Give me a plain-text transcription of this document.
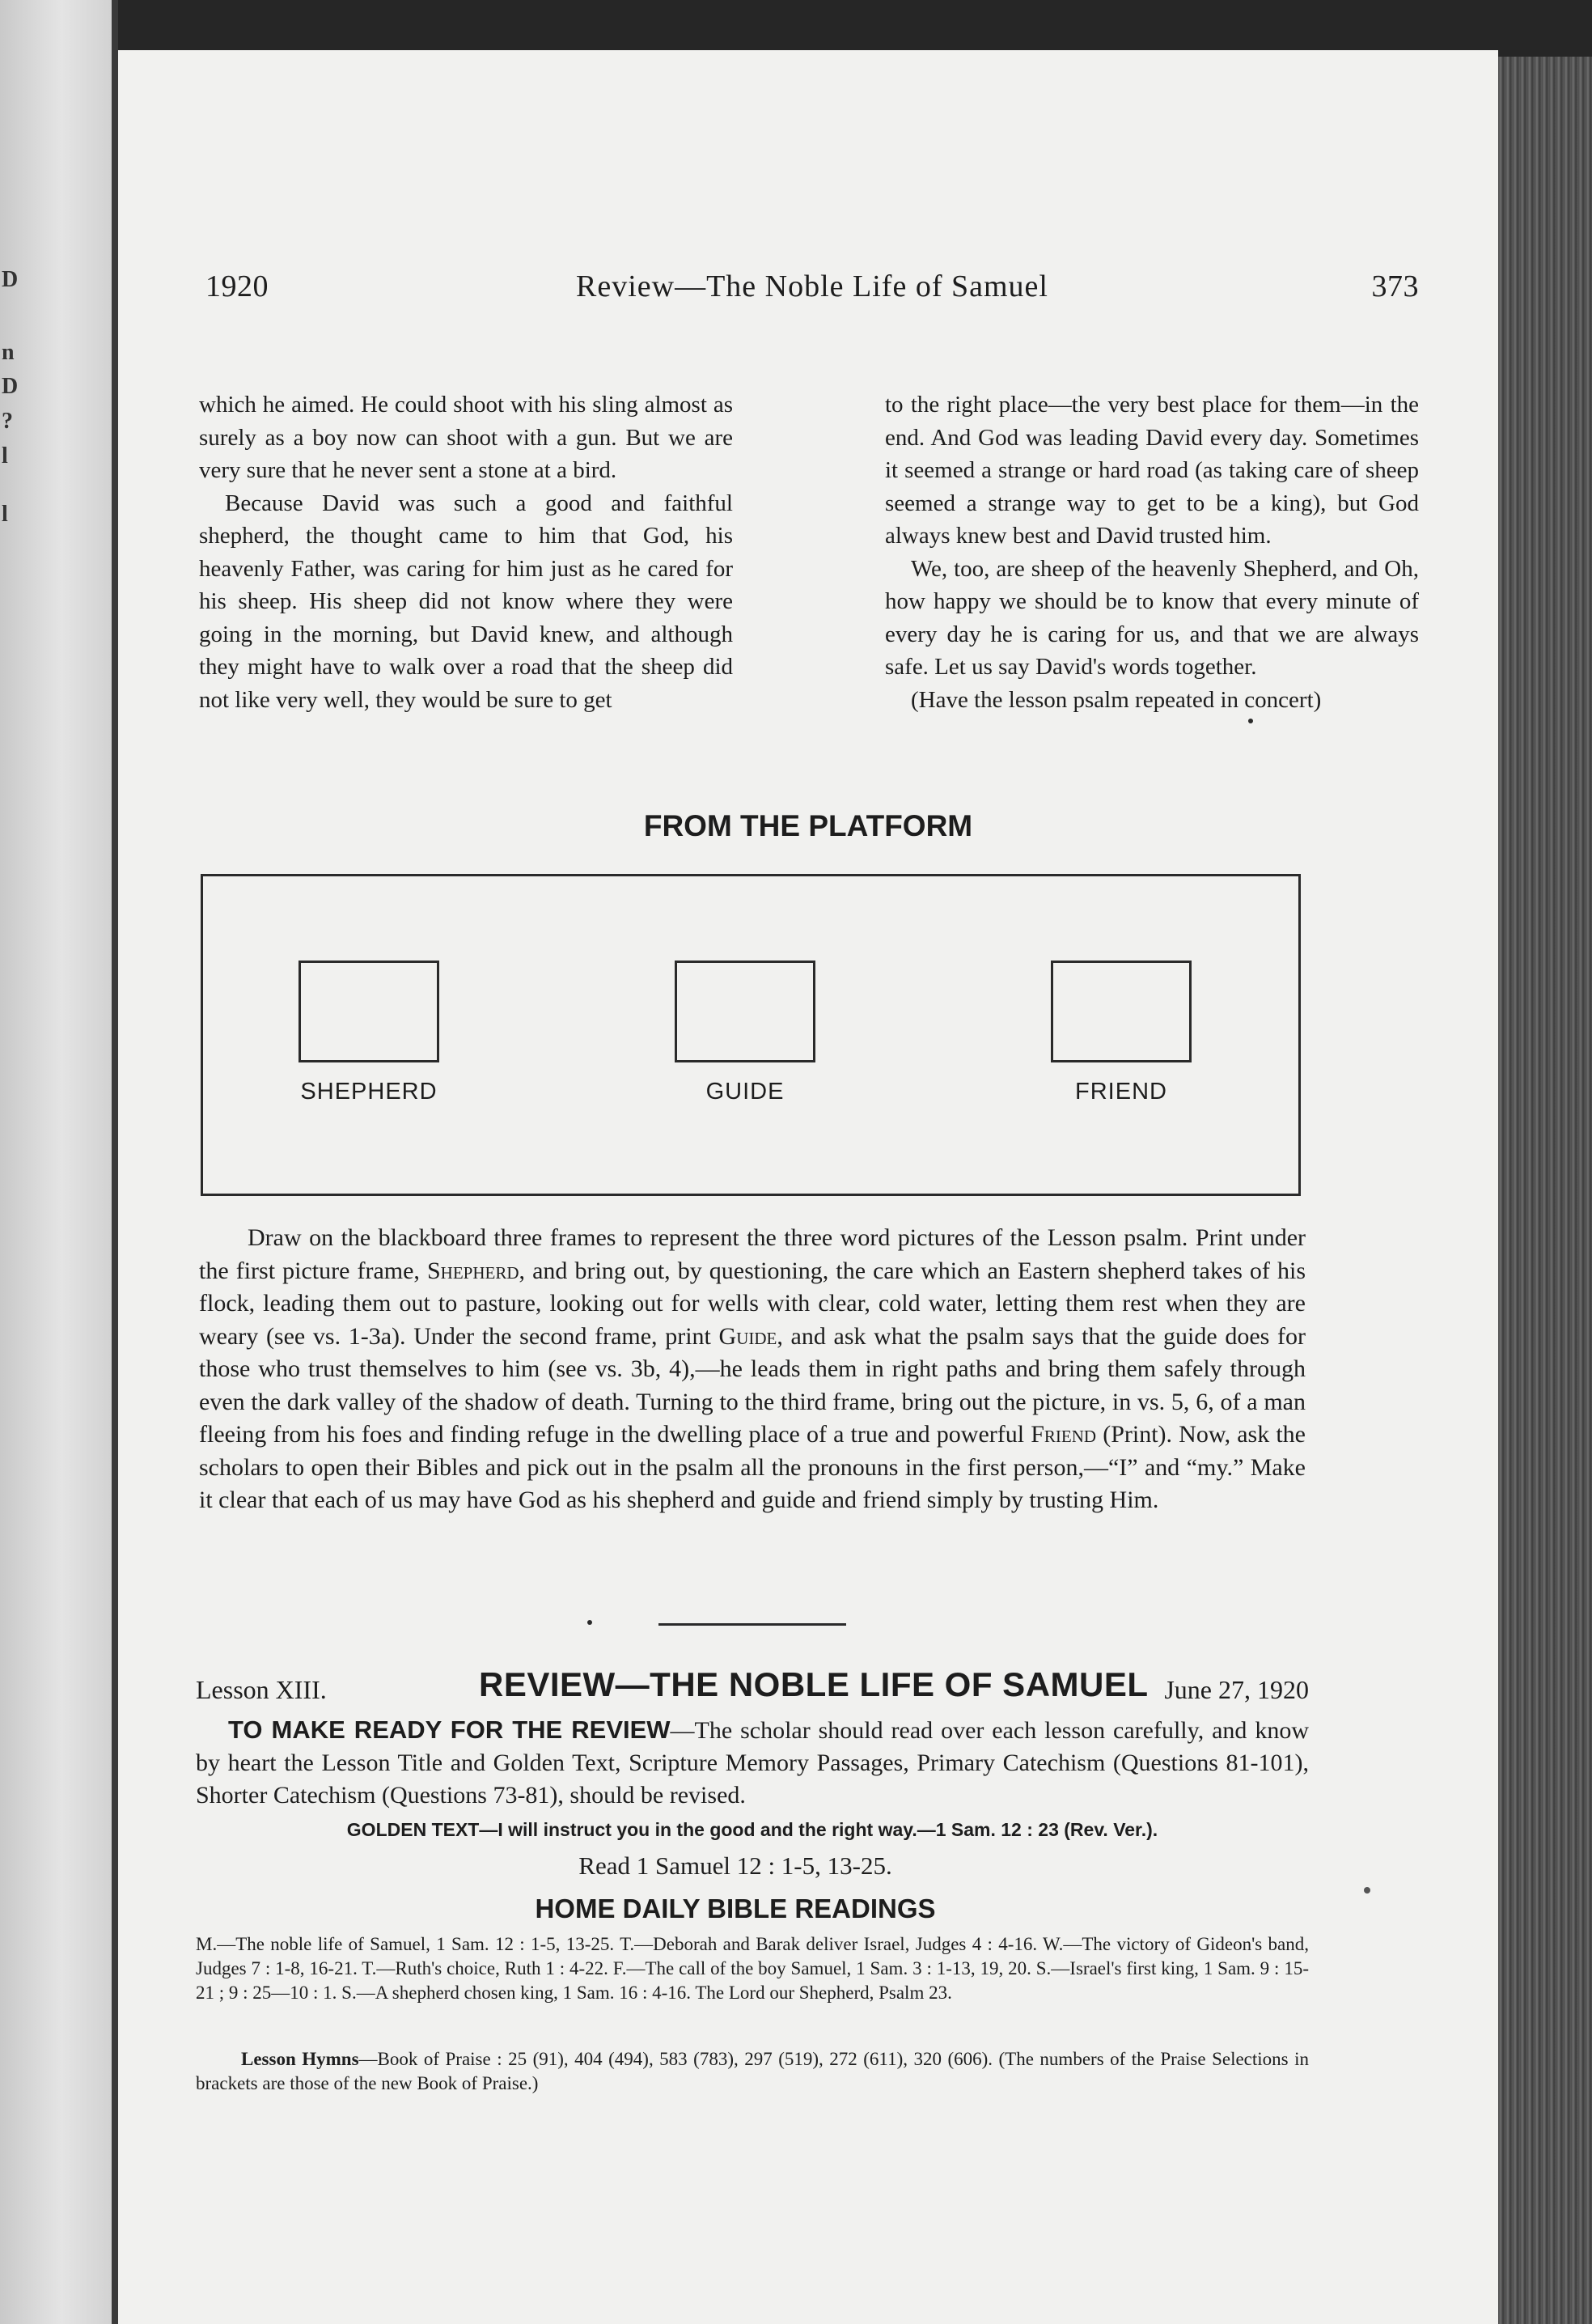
D
n
D
?
l
l
1920	Review—The Noble Life of Samuel	373

which he aimed. He could shoot with his sling almost as surely as a boy now can shoot with a gun. But we are very sure that he never sent a stone at a bird.

Because David was such a good and faithful shepherd, the thought came to him that God, his heavenly Father, was caring for him just as he cared for his sheep. His sheep did not know where they were going in the morning, but David knew, and although they might have to walk over a road that the sheep did not like very well, they would be sure to get

to the right place—the very best place for them—in the end. And God was leading David every day. Sometimes it seemed a strange or hard road (as taking care of sheep seemed a strange way to get to be a king), but God always knew best and David trusted him.

We, too, are sheep of the heavenly Shepherd, and Oh, how happy we should be to know that every minute of every day he is caring for us, and that we are always safe. Let us say David's words together.

(Have the lesson psalm repeated in concert)

FROM THE PLATFORM
SHEPHERD	GUIDE	FRIEND

Draw on the blackboard three frames to represent the three word pictures of the Lesson psalm. Print under the first picture frame, Shepherd, and bring out, by questioning, the care which an Eastern shepherd takes of his flock, leading them out to pasture, looking out for wells with clear, cold water, letting them rest when they are weary (see vs. 1-3a). Under the second frame, print Guide, and ask what the psalm says that the guide does for those who trust themselves to him (see vs. 3b, 4),—he leads them in right paths and bring them safely through even the dark valley of the shadow of death. Turning to the third frame, bring out the picture, in vs. 5, 6, of a man fleeing from his foes and finding refuge in the dwelling place of a true and powerful Friend (Print). Now, ask the scholars to open their Bibles and pick out in the psalm all the pronouns in the first person,—“I” and “my.” Make it clear that each of us may have God as his shepherd and guide and friend simply by trusting Him.

Lesson XIII.	REVIEW—THE NOBLE LIFE OF SAMUEL June 27, 1920
TO MAKE READY FOR THE REVIEW—The scholar should read over each lesson carefully, and know by heart the Lesson Title and Golden Text, Scripture Memory Passages, Primary Catechism (Questions 81-101), Shorter Catechism (Questions 73-81), should be revised.
GOLDEN TEXT—I will instruct you in the good and the right way.—1 Sam. 12 : 23 (Rev. Ver.).
Read 1 Samuel 12 : 1-5, 13-25.
HOME DAILY BIBLE READINGS

M.—The noble life of Samuel, 1 Sam. 12 : 1-5, 13-25. T.—Deborah and Barak deliver Israel, Judges 4 : 4-16. W.—The victory of Gideon's band, Judges 7 : 1-8, 16-21. T.—Ruth's choice, Ruth 1 : 4-22. F.—The call of the boy Samuel, 1 Sam. 3 : 1-13, 19, 20. S.—Israel's first king, 1 Sam. 9 : 15-21 ; 9 : 25—10 : 1. S.—A shepherd chosen king, 1 Sam. 16 : 4-16. The Lord our Shepherd, Psalm 23.

Lesson Hymns—Book of Praise : 25 (91), 404 (494), 583 (783), 297 (519), 272 (611), 320 (606). (The numbers of the Praise Selections in brackets are those of the new Book of Praise.)
